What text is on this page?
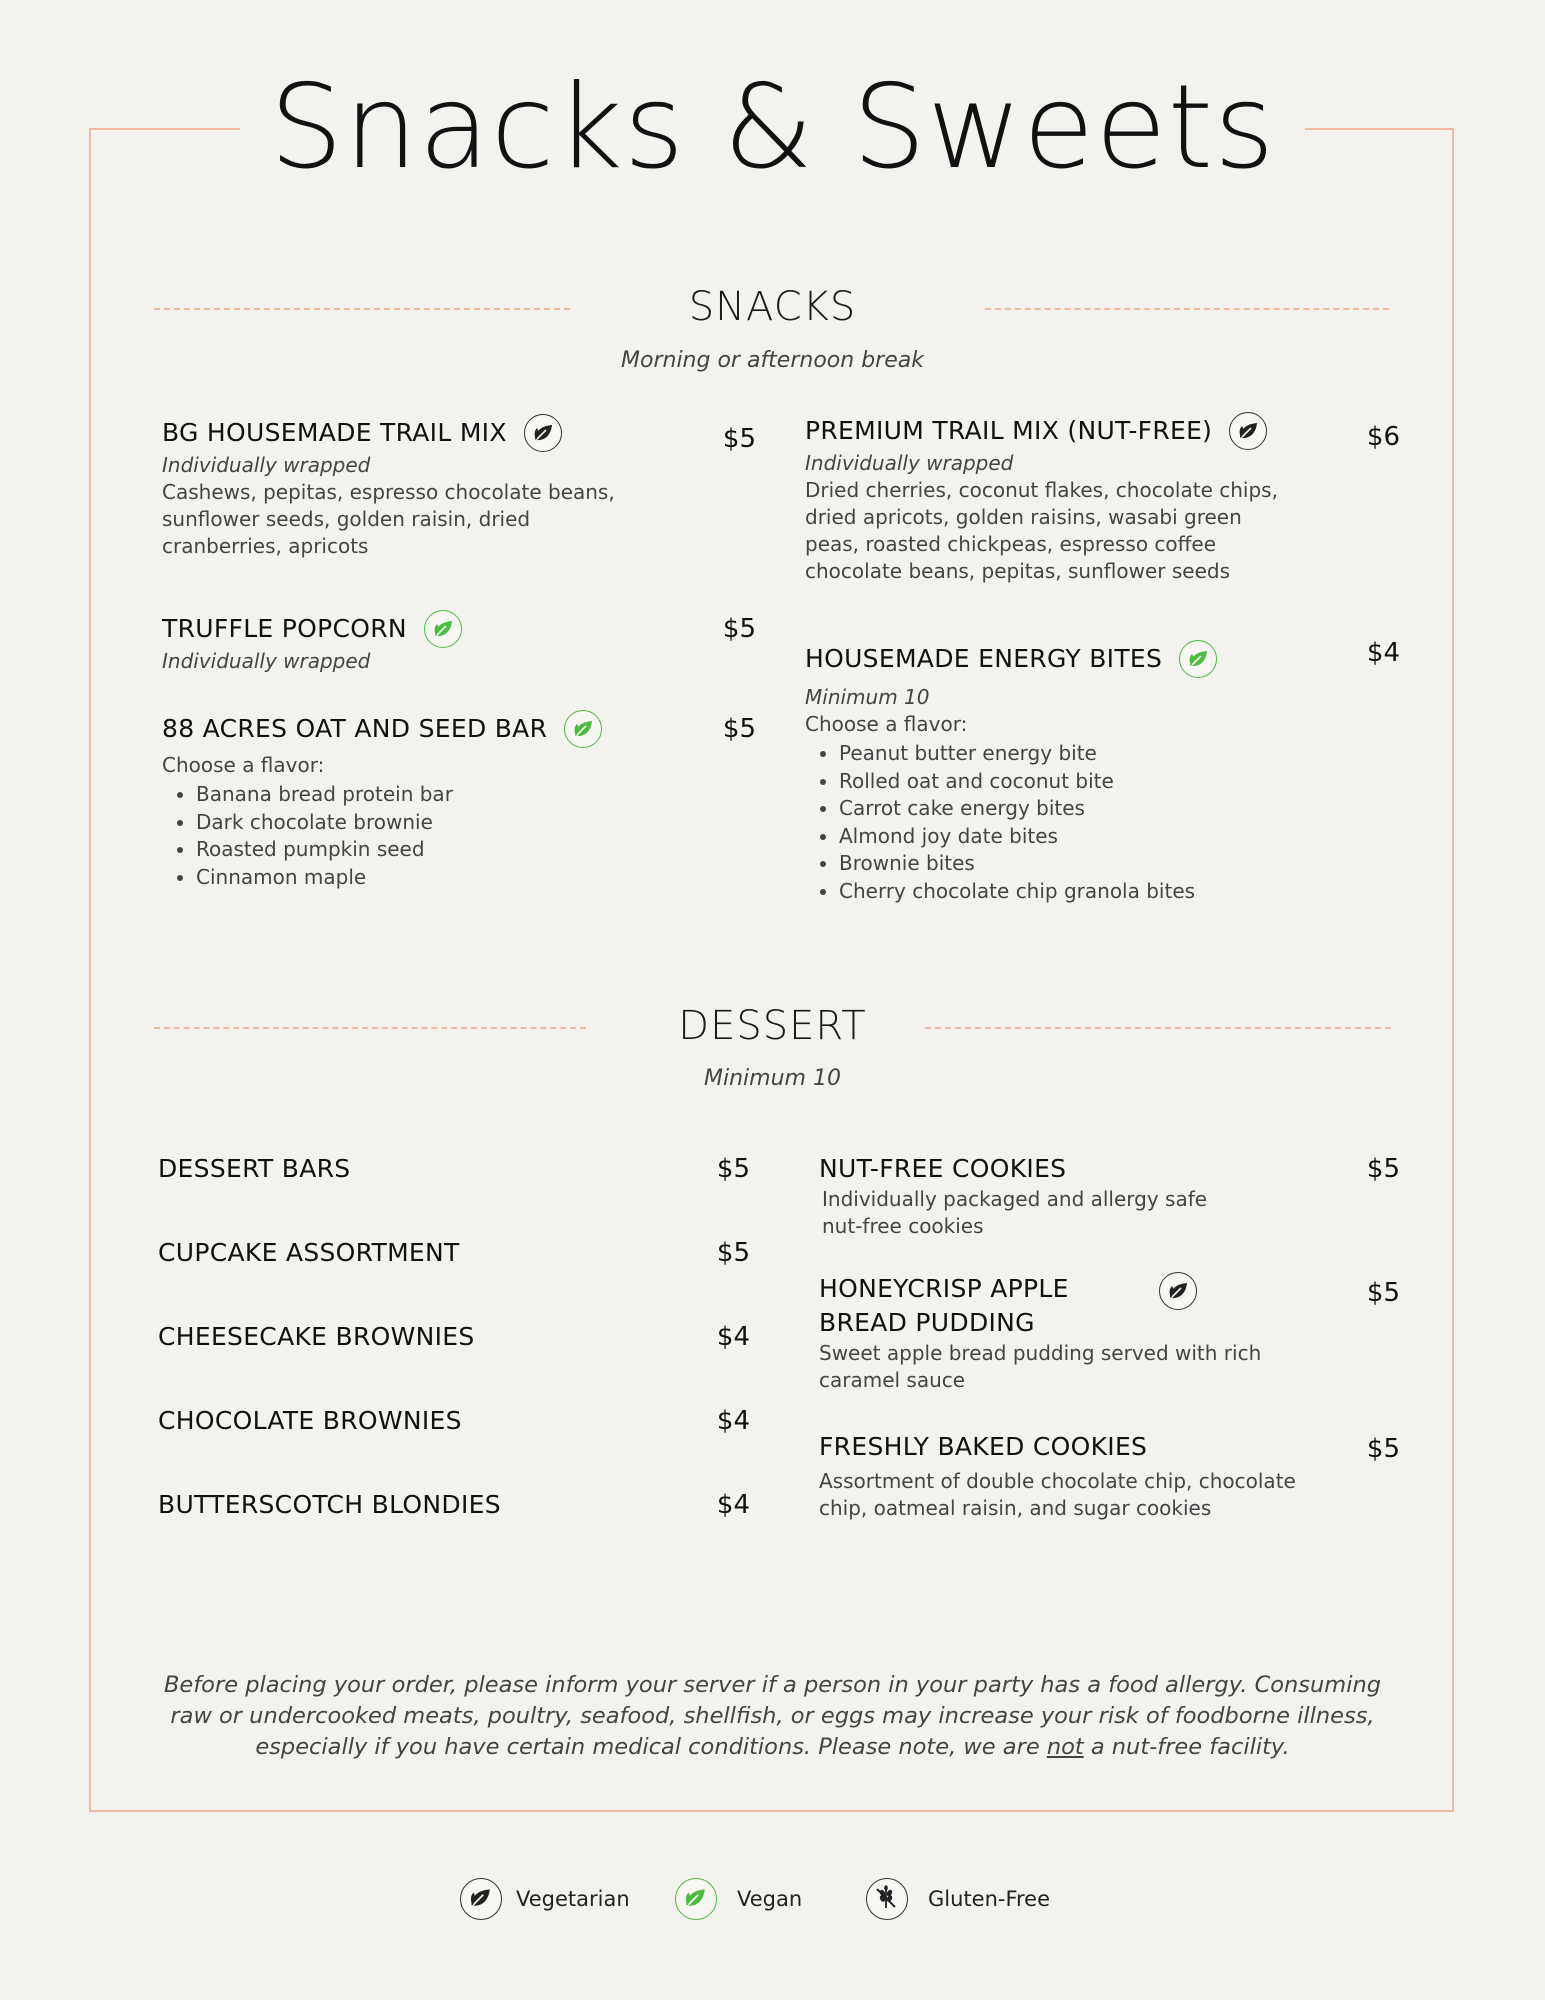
Snacks & Sweets
SNACKS
Morning or afternoon break
BG HOUSEMADE TRAIL MIX
Individually wrapped
Cashews, pepitas, espresso chocolate beans, sunflower seeds, golden raisin, dried cranberries, apricots
$5
TRUFFLE POPCORN
Individually wrapped
$5
88 ACRES OAT AND SEED BAR
Choose a flavor:
• Banana bread protein bar
• Dark chocolate brownie
• Roasted pumpkin seed
• Cinnamon maple
$5
PREMIUM TRAIL MIX (NUT-FREE)
Individually wrapped
Dried cherries, coconut flakes, chocolate chips, dried apricots, golden raisins, wasabi green peas, roasted chickpeas, espresso coffee chocolate beans, pepitas, sunflower seeds
$6
HOUSEMADE ENERGY BITES
Minimum 10
Choose a flavor:
• Peanut butter energy bite
• Rolled oat and coconut bite
• Carrot cake energy bites
• Almond joy date bites
• Brownie bites
• Cherry chocolate chip granola bites
$4
DESSERT
Minimum 10
DESSERT BARS	$5
CUPCAKE ASSORTMENT	$5
CHEESECAKE BROWNIES	$4
CHOCOLATE BROWNIES	$4
BUTTERSCOTCH BLONDIES	$4
NUT-FREE COOKIES
Individually packaged and allergy safe nut-free cookies
$5
HONEYCRISP APPLE BREAD PUDDING
Sweet apple bread pudding served with rich caramel sauce
$5
FRESHLY BAKED COOKIES
Assortment of double chocolate chip, chocolate chip, oatmeal raisin, and sugar cookies
$5
Before placing your order, please inform your server if a person in your party has a food allergy. Consuming raw or undercooked meats, poultry, seafood, shellfish, or eggs may increase your risk of foodborne illness, especially if you have certain medical conditions. Please note, we are not a nut-free facility.
Vegetarian	Vegan	Gluten-Free
